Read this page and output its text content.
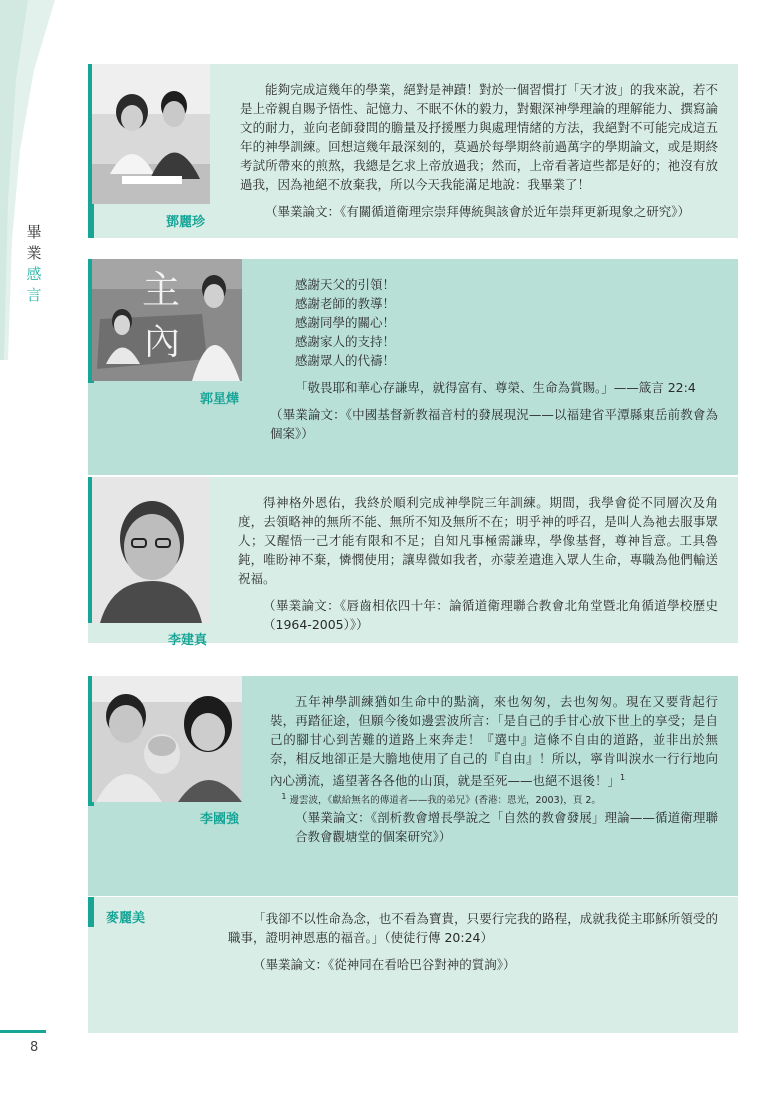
畢
業
感
言
鄧麗珍

能夠完成這幾年的學業，絕對是神蹟！對於一個習慣打「天才波」的我來說，若不是上帝親自賜予悟性、記憶力、不眠不休的毅力，對艱深神學理論的理解能力、撰寫論文的耐力，並向老師發問的膽量及抒援壓力與處理情緒的方法，我絕對不可能完成這五年的神學訓練。回想這幾年最深刻的，莫過於每學期終前過萬字的學期論文，或是期終考試所帶來的煎熬，我總是乞求上帝放過我；然而，上帝看著這些都是好的；祂沒有放過我，因為祂絕不放棄我，所以今天我能滿足地說：我畢業了！

（畢業論文：《有關循道衛理宗崇拜傳統與該會於近年崇拜更新現象之研究》）

主
內
郭星燁

感謝天父的引領！

感謝老師的教導！

感謝同學的關心！

感謝家人的支持！

感謝眾人的代禱！

「敬畏耶和華心存謙卑，就得富有、尊榮、生命為賞賜。」——箴言 22:4

（畢業論文：《中國基督新教福音村的發展現況——以福建省平潭縣東岳前教會為個案》）

李建真

得神格外恩佑，我終於順利完成神學院三年訓練。期間，我學會從不同層次及角度，去領略神的無所不能、無所不知及無所不在；明乎神的呼召，是叫人為祂去服事眾人；又醒悟一己才能有限和不足；自知凡事極需謙卑，學像基督，尊神旨意。工具魯鈍，唯盼神不棄，憐憫使用；讓卑微如我者，亦蒙差遣進入眾人生命，專職為他們輸送祝福。

（畢業論文：《唇齒相依四十年：論循道衛理聯合教會北角堂暨北角循道學校歷史（1964-2005）》）

李國強

五年神學訓練猶如生命中的點滴，來也匆匆，去也匆匆。現在又要背起行裝，再踏征途，但願今後如邊雲波所言：「是自己的手甘心放下世上的享受；是自己的腳甘心到苦難的道路上來奔走！『選中』這條不自由的道路，並非出於無奈，相反地卻正是大膽地使用了自己的『自由』！所以，寧肯叫淚水一行行地向內心湧流，遙望著各各他的山頂，就是至死——也絕不退後！」$^1$

$^1$ 邊雲波，《獻給無名的傳道者——我的弟兄》(香港：恩光，2003)，頁 2。

（畢業論文：《剖析教會增長學說之「自然的教會發展」理論——循道衛理聯合教會觀塘堂的個案研究》）

麥麗美	「我卻不以性命為念，也不看為寶貴，只要行完我的路程，成就我從主耶穌所領受的職事，證明神恩惠的福音。」（使徒行傳 20:24）

（畢業論文：《從神同在看哈巴谷對神的質詢》）

8
